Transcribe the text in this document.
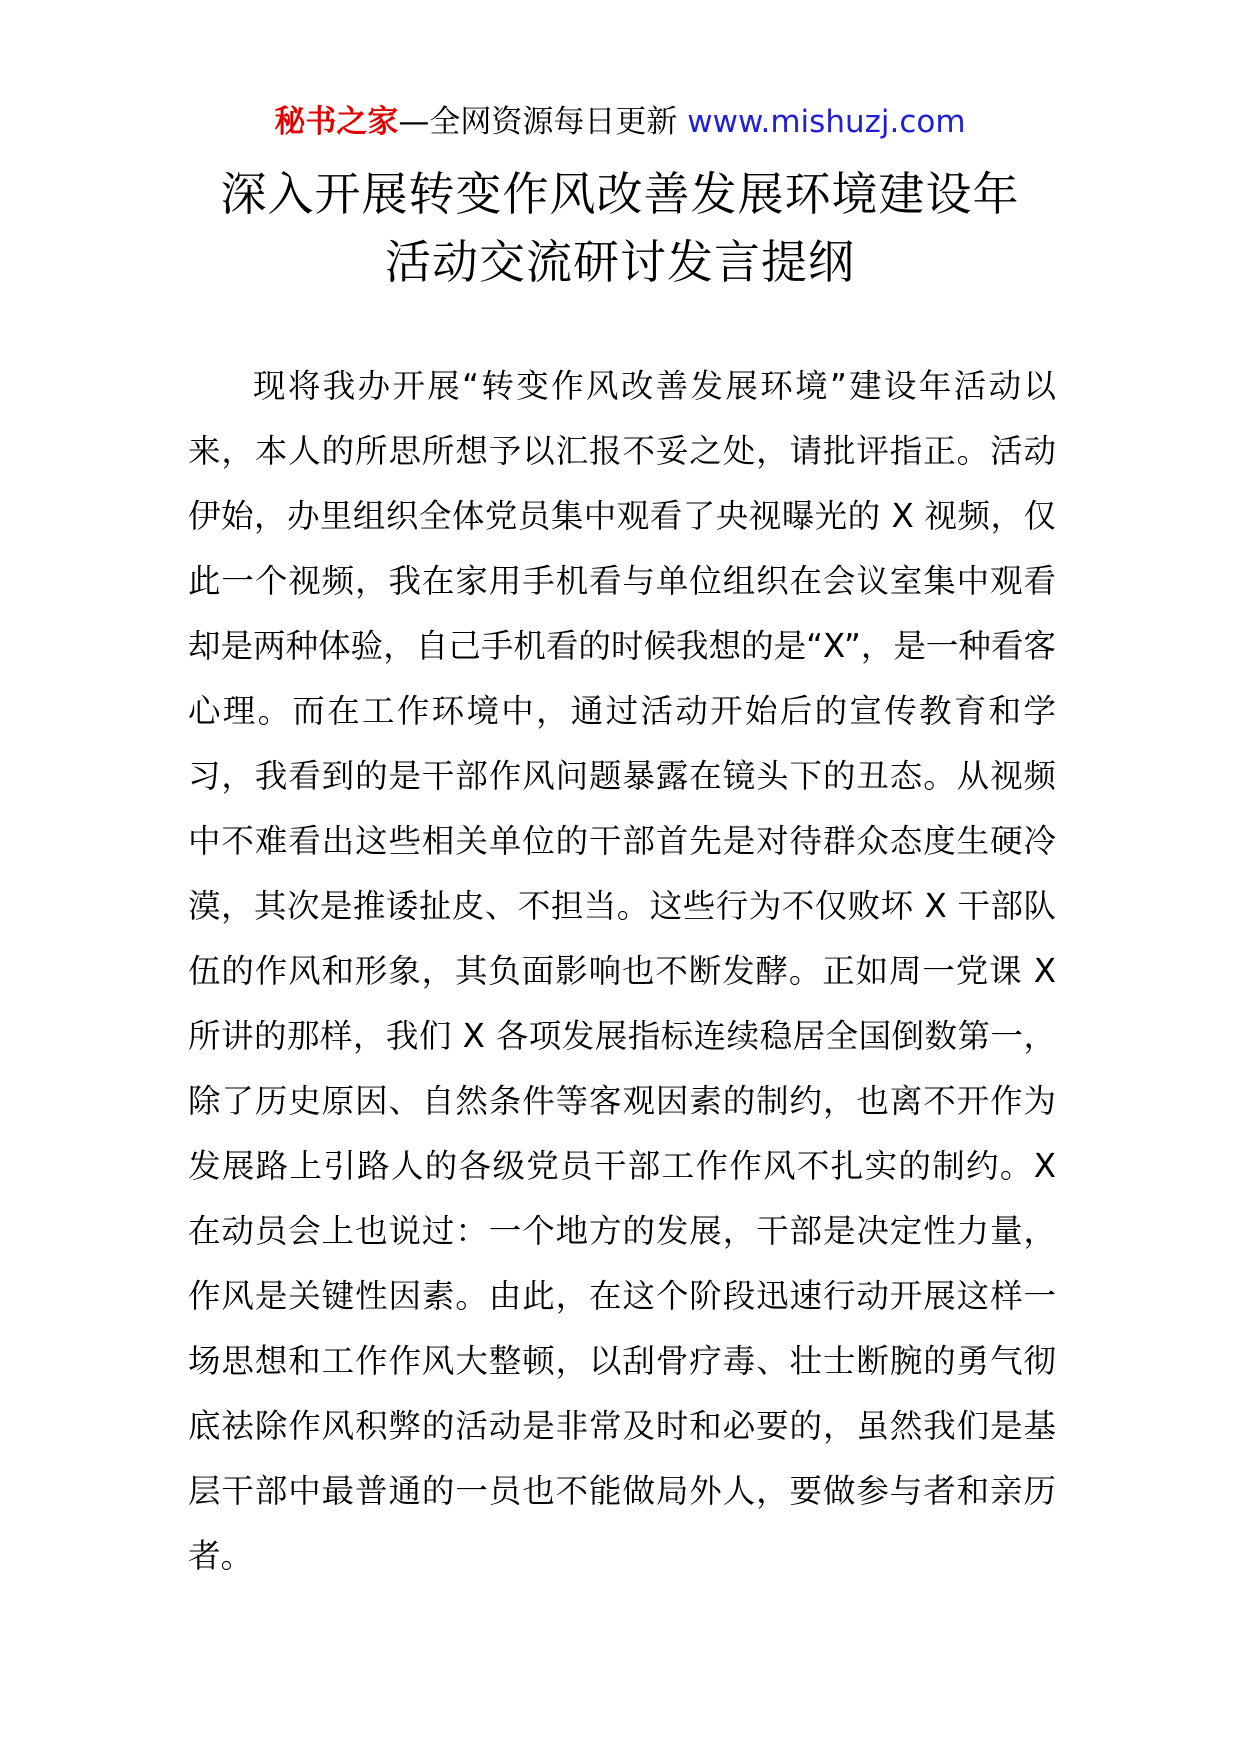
秘书之家—全网资源每日更新 www.mishuzj.com
深入开展转变作风改善发展环境建设年
活动交流研讨发言提纲

现将我办开展“转变作风改善发展环境”建设年活动以来，本人的所思所想予以汇报不妥之处，请批评指正。活动伊始，办里组织全体党员集中观看了央视曝光的 X 视频，仅此一个视频，我在家用手机看与单位组织在会议室集中观看却是两种体验，自己手机看的时候我想的是“X”，是一种看客心理。而在工作环境中，通过活动开始后的宣传教育和学习，我看到的是干部作风问题暴露在镜头下的丑态。从视频中不难看出这些相关单位的干部首先是对待群众态度生硬冷漠，其次是推诿扯皮、不担当。这些行为不仅败坏 X 干部队伍的作风和形象，其负面影响也不断发酵。正如周一党课 X 所讲的那样，我们 X 各项发展指标连续稳居全国倒数第一，除了历史原因、自然条件等客观因素的制约，也离不开作为发展路上引路人的各级党员干部工作作风不扎实的制约。X 在动员会上也说过：一个地方的发展，干部是决定性力量，作风是关键性因素。由此，在这个阶段迅速行动开展这样一场思想和工作作风大整顿，以刮骨疗毒、壮士断腕的勇气彻底祛除作风积弊的活动是非常及时和必要的，虽然我们是基层干部中最普通的一员也不能做局外人，要做参与者和亲历者。
